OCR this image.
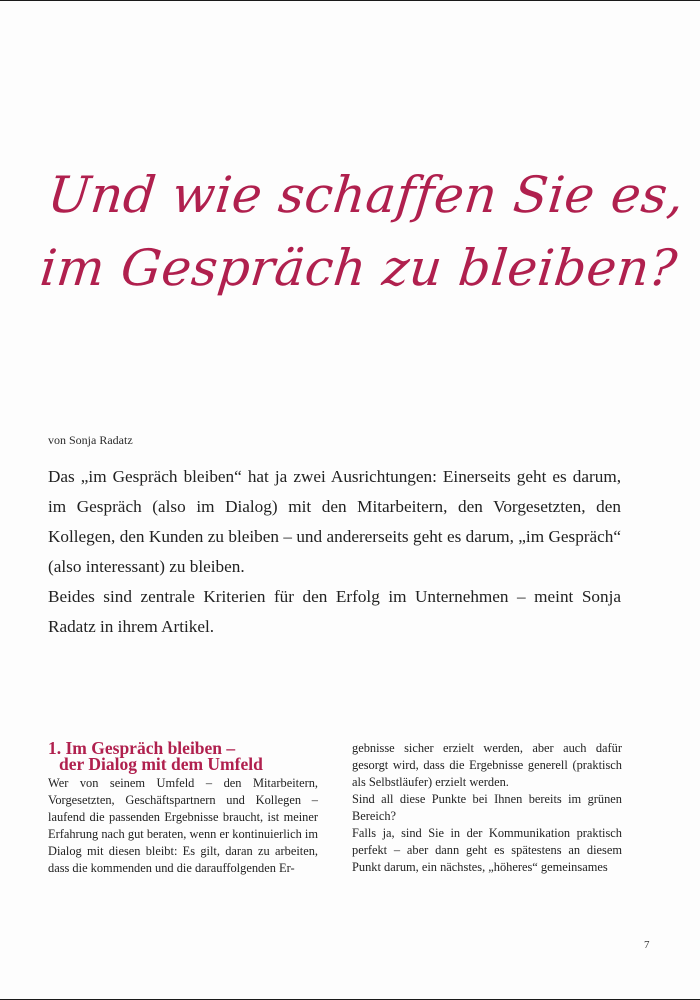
Und wie schaffen Sie es,
im Gespräch zu bleiben?
von Sonja Radatz

Das „im Gespräch bleiben“ hat ja zwei Ausrichtungen: Einerseits geht es darum, im Gespräch (also im Dialog) mit den Mitarbeitern, den Vorgesetzten, den Kollegen, den Kunden zu bleiben – und andererseits geht es darum, „im Gespräch“ (also interessant) zu bleiben.

Beides sind zentrale Kriterien für den Erfolg im Unternehmen – meint Sonja Radatz in ihrem Artikel.

1. Im Gespräch bleiben –
der Dialog mit dem Umfeld

Wer von seinem Umfeld – den Mitarbeitern, Vorgesetzten, Geschäftspartnern und Kollegen – laufend die passenden Ergebnisse braucht, ist meiner Erfahrung nach gut beraten, wenn er kontinuierlich im Dialog mit diesen bleibt: Es gilt, daran zu arbeiten, dass die kommenden und die darauffolgenden Er-

gebnisse sicher erzielt werden, aber auch dafür gesorgt wird, dass die Ergebnisse generell (praktisch als Selbstläufer) erzielt werden.

Sind all diese Punkte bei Ihnen bereits im grünen Bereich?

Falls ja, sind Sie in der Kommunikation praktisch perfekt – aber dann geht es spätestens an diesem Punkt darum, ein nächstes, „höheres“ gemeinsames

7
